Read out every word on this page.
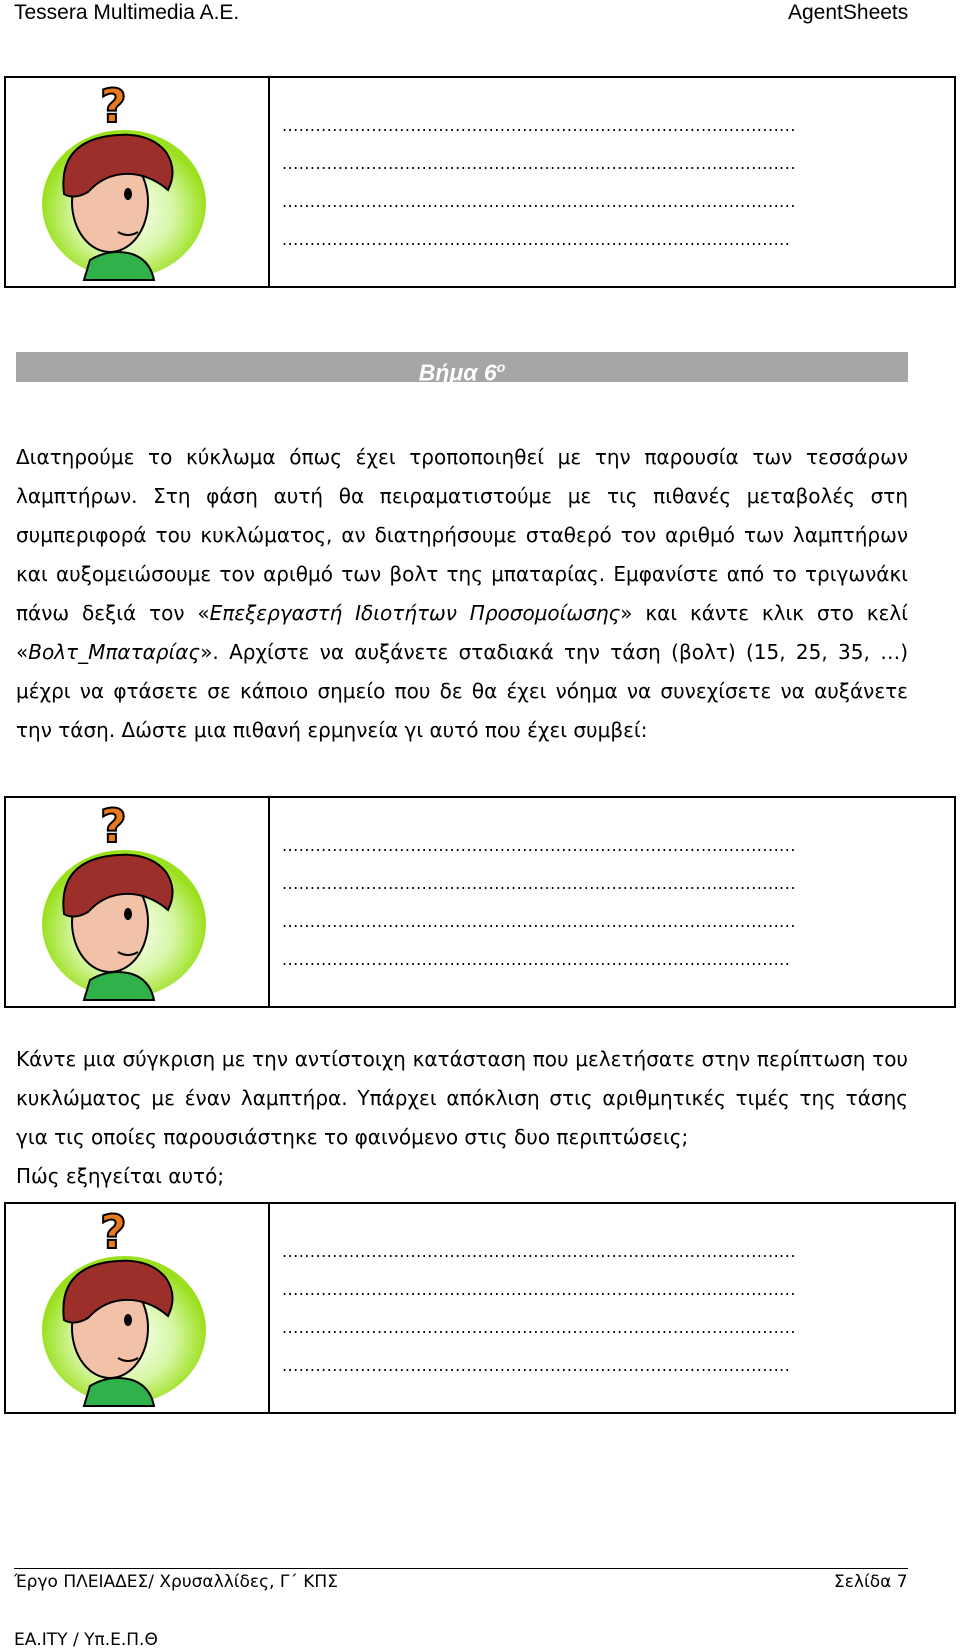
Tessera Multimedia A.E.	AgentSheets
?	............................................................................................
............................................................................................
............................................................................................
...........................................................................................
Βήμα $6^o$
Διατηρούμε το κύκλωμα όπως έχει τροποποιηθεί με την παρουσία των τεσσάρων λαμπτήρων. Στη φάση αυτή θα πειραματιστούμε με τις πιθανές μεταβολές στη συμπεριφορά του κυκλώματος, αν διατηρήσουμε σταθερό τον αριθμό των λαμπτήρων και αυξομειώσουμε τον αριθμό των βολτ της μπαταρίας. Εμφανίστε από το τριγωνάκι πάνω δεξιά τον «Επεξεργαστή Ιδιοτήτων Προσομοίωσης» και κάντε κλικ στο κελί «Βολτ_Μπαταρίας». Αρχίστε να αυξάνετε σταδιακά την τάση (βολτ) (15, 25, 35, …) μέχρι να φτάσετε σε κάποιο σημείο που δε θα έχει νόημα να συνεχίσετε να αυξάνετε την τάση. Δώστε μια πιθανή ερμηνεία γι αυτό που έχει συμβεί:
?	............................................................................................
............................................................................................
............................................................................................
...........................................................................................
Κάντε μια σύγκριση με την αντίστοιχη κατάσταση που μελετήσατε στην περίπτωση του κυκλώματος με έναν λαμπτήρα. Υπάρχει απόκλιση στις αριθμητικές τιμές της τάσης για τις οποίες παρουσιάστηκε το φαινόμενο στις δυο περιπτώσεις;
Πώς εξηγείται αυτό;
?	............................................................................................
............................................................................................
............................................................................................
...........................................................................................
Έργο ΠΛΕΙΑΔΕΣ/ Χρυσαλλίδες, Γ΄ ΚΠΣ	Σελίδα 7
ΕΑ.ΙΤΥ / Υπ.Ε.Π.Θ
